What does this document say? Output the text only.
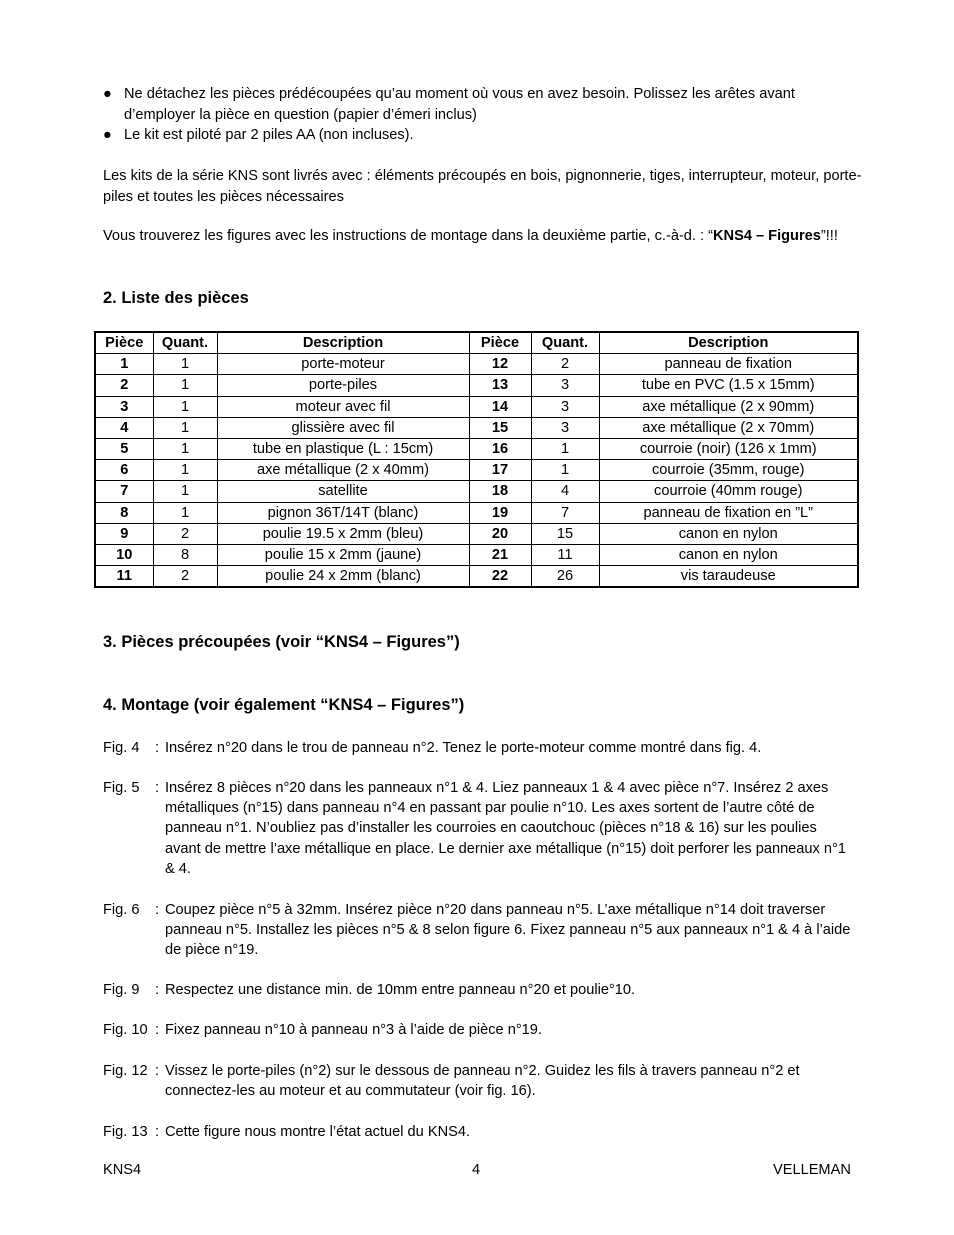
● Ne détachez les pièces prédécoupées qu’au moment où vous en avez besoin. Polissez les arêtes avant d’employer la pièce en question (papier d’émeri inclus)
● Le kit est piloté par 2 piles AA (non incluses).

Les kits de la série KNS sont livrés avec : éléments précoupés en bois, pignonnerie, tiges, interrupteur, moteur, porte-piles et toutes les pièces nécessaires

Vous trouverez les figures avec les instructions de montage dans la deuxième partie, c.-à-d. : “KNS4 – Figures”!!!

2. Liste des pièces
Pièce	Quant.	Description	Pièce	Quant.	Description
1	1	porte-moteur	12	2	panneau de fixation
2	1	porte-piles	13	3	tube en PVC (1.5 x 15mm)
3	1	moteur avec fil	14	3	axe métallique (2 x 90mm)
4	1	glissière avec fil	15	3	axe métallique (2 x 70mm)
5	1	tube en plastique (L : 15cm)	16	1	courroie (noir) (126 x 1mm)
6	1	axe métallique (2 x 40mm)	17	1	courroie (35mm, rouge)
7	1	satellite	18	4	courroie (40mm rouge)
8	1	pignon 36T/14T (blanc)	19	7	panneau de fixation en ”L”
9	2	poulie 19.5 x 2mm (bleu)	20	15	canon en nylon
10	8	poulie 15 x 2mm (jaune)	21	11	canon en nylon
11	2	poulie 24 x 2mm (blanc)	22	26	vis taraudeuse
3. Pièces précoupées (voir “KNS4 – Figures”)
4. Montage (voir également “KNS4 – Figures”)
Fig. 4	: Insérez n°20 dans le trou de panneau n°2. Tenez le porte-moteur comme montré dans fig. 4.
Fig. 5	: Insérez 8 pièces n°20 dans les panneaux n°1 & 4. Liez panneaux 1 & 4 avec pièce n°7. Insérez 2 axes métalliques (n°15) dans panneau n°4 en passant par poulie n°10. Les axes sortent de l’autre côté de panneau n°1. N’oubliez pas d’installer les courroies en caoutchouc (pièces n°18 & 16) sur les poulies avant de mettre l’axe métallique en place. Le dernier axe métallique (n°15) doit perforer les panneaux n°1 & 4.
Fig. 6	: Coupez pièce n°5 à 32mm. Insérez pièce n°20 dans panneau n°5. L’axe métallique n°14 doit traverser panneau n°5. Installez les pièces n°5 & 8 selon figure 6. Fixez panneau n°5 aux panneaux n°1 & 4 à l’aide de pièce n°19.
Fig. 9	: Respectez une distance min. de 10mm entre panneau n°20 et poulie°10.
Fig. 10 : Fixez panneau n°10 à panneau n°3 à l’aide de pièce n°19.
Fig. 12 : Vissez le porte-piles (n°2) sur le dessous de panneau n°2. Guidez les fils à travers panneau n°2 et connectez-les au moteur et au commutateur (voir fig. 16).
Fig. 13 : Cette figure nous montre l’état actuel du KNS4.
KNS4	4	VELLEMAN
